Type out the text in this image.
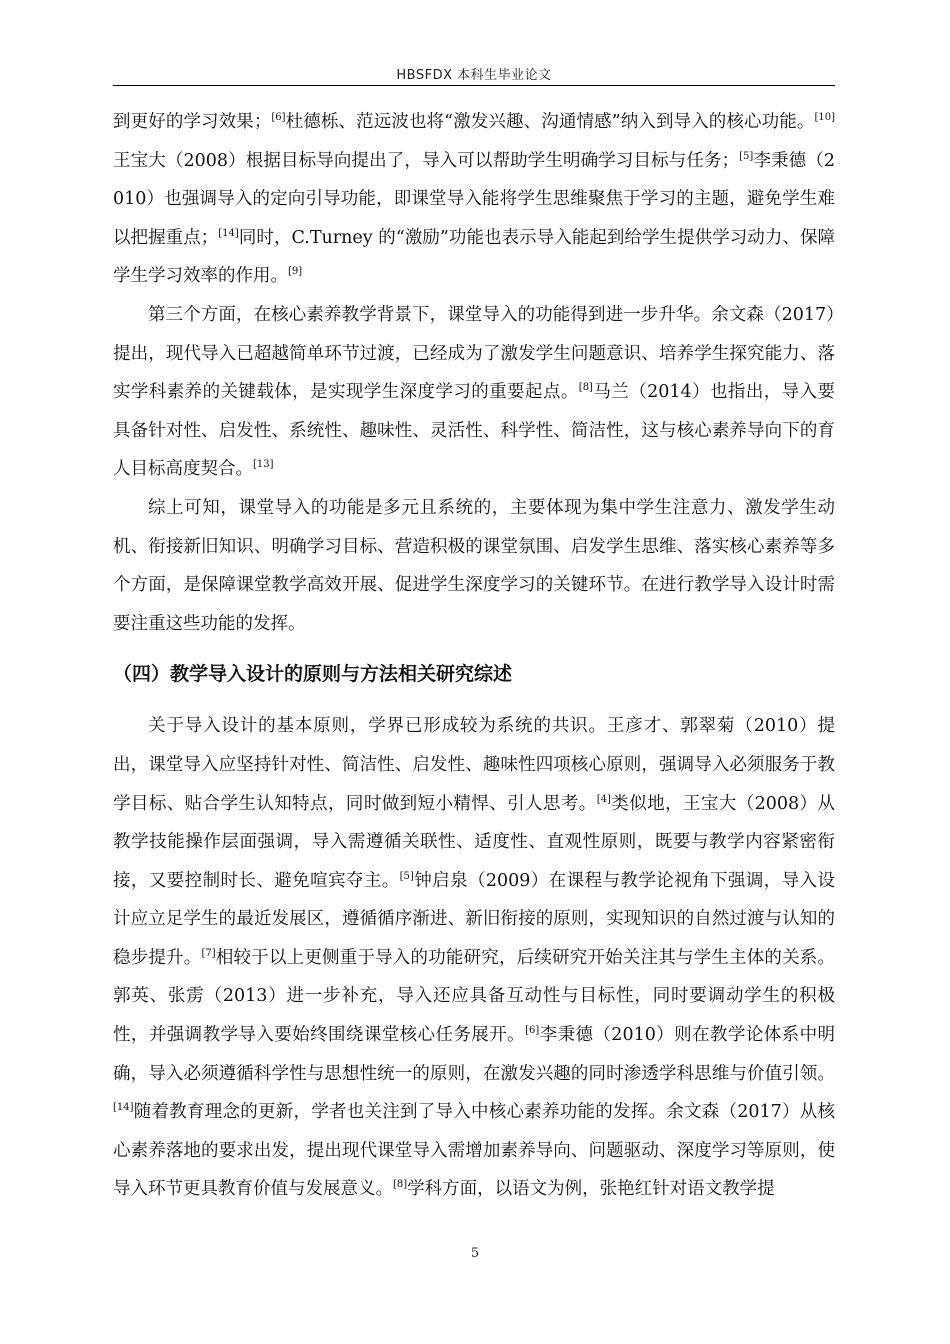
HBSFDX 本科生毕业论文

到更好的学习效果；[6]杜德栎、范远波也将“激发兴趣、沟通情感”纳入到导入的核心功能。[10]王宝大（2008）根据目标导向提出了，导入可以帮助学生明确学习目标与任务；[5]李秉德（2010）也强调导入的定向引导功能，即课堂导入能将学生思维聚焦于学习的主题，避免学生难以把握重点；[14]同时，C.Turney 的“激励”功能也表示导入能起到给学生提供学习动力、保障学生学习效率的作用。[9]

第三个方面，在核心素养教学背景下，课堂导入的功能得到进一步升华。余文森（2017）提出，现代导入已超越简单环节过渡，已经成为了激发学生问题意识、培养学生探究能力、落实学科素养的关键载体，是实现学生深度学习的重要起点。[8]马兰（2014）也指出，导入要具备针对性、启发性、系统性、趣味性、灵活性、科学性、简洁性，这与核心素养导向下的育人目标高度契合。[13]

综上可知，课堂导入的功能是多元且系统的，主要体现为集中学生注意力、激发学生动机、衔接新旧知识、明确学习目标、营造积极的课堂氛围、启发学生思维、落实核心素养等多个方面，是保障课堂教学高效开展、促进学生深度学习的关键环节。在进行教学导入设计时需要注重这些功能的发挥。

（四）教学导入设计的原则与方法相关研究综述

关于导入设计的基本原则，学界已形成较为系统的共识。王彦才、郭翠菊（2010）提出，课堂导入应坚持针对性、简洁性、启发性、趣味性四项核心原则，强调导入必须服务于教学目标、贴合学生认知特点，同时做到短小精悍、引人思考。[4]类似地，王宝大（2008）从教学技能操作层面强调，导入需遵循关联性、适度性、直观性原则，既要与教学内容紧密衔接，又要控制时长、避免喧宾夺主。[5]钟启泉（2009）在课程与教学论视角下强调，导入设计应立足学生的最近发展区，遵循循序渐进、新旧衔接的原则，实现知识的自然过渡与认知的稳步提升。[7]相较于以上更侧重于导入的功能研究，后续研究开始关注其与学生主体的关系。郭英、张雳（2013）进一步补充，导入还应具备互动性与目标性，同时要调动学生的积极性，并强调教学导入要始终围绕课堂核心任务展开。[6]李秉德（2010）则在教学论体系中明确，导入必须遵循科学性与思想性统一的原则，在激发兴趣的同时渗透学科思维与价值引领。[14]随着教育理念的更新，学者也关注到了导入中核心素养功能的发挥。余文森（2017）从核心素养落地的要求出发，提出现代课堂导入需增加素养导向、问题驱动、深度学习等原则，使导入环节更具教育价值与发展意义。[8]学科方面，以语文为例，张艳红针对语文教学提

5
